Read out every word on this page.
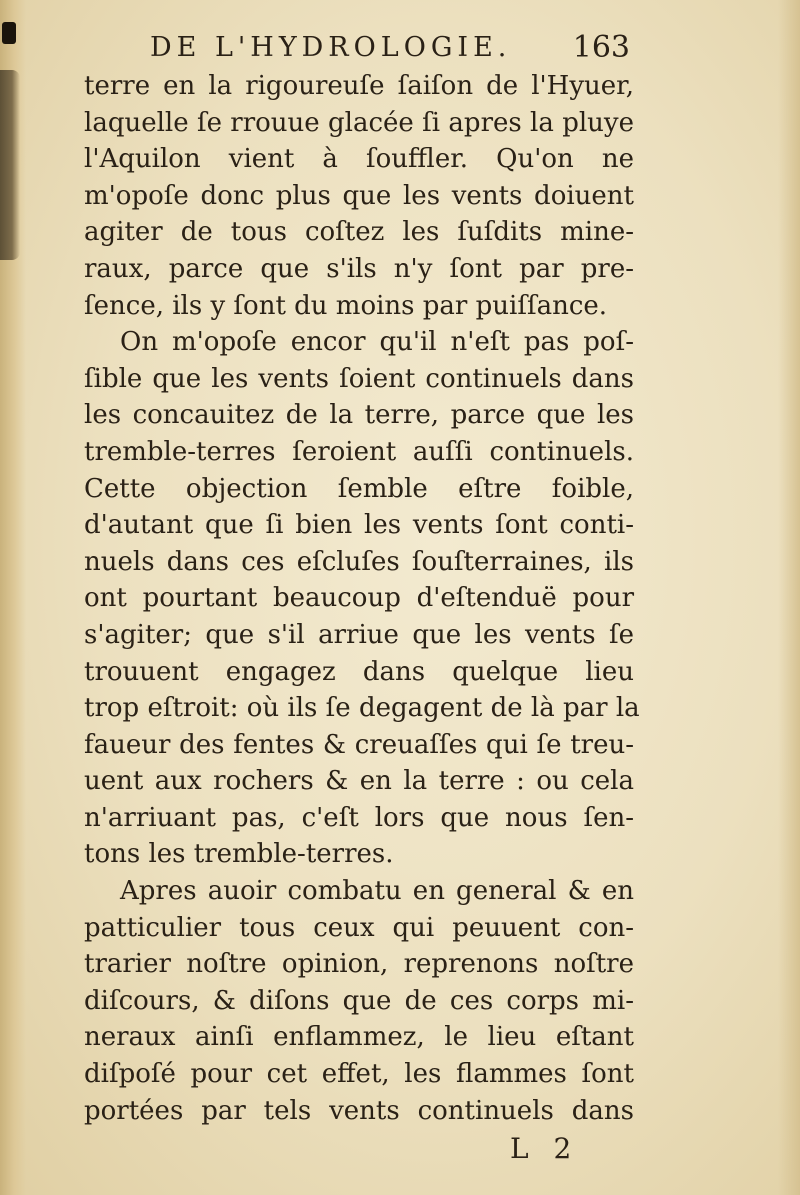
DE L'HYDROLOGIE. 163
terre en la rigoureuſe ſaiſon de l'Hyuer,
laquelle ſe rrouue glacée ſi apres la pluye
l'Aquilon vient à ſouffler. Qu'on ne
m'opoſe donc plus que les vents doiuent
agiter de tous coſtez les ſuſdits mine-
raux, parce que s'ils n'y ſont par pre-
ſence, ils y ſont du moins par puiſſance.
On m'opoſe encor qu'il n'eſt pas poſ-
ſible que les vents ſoient continuels dans
les concauitez de la terre, parce que les
tremble-terres ſeroient auſſi continuels.
Cette objection ſemble eſtre foible,
d'autant que ſi bien les vents ſont conti-
nuels dans ces eſcluſes ſouſterraines, ils
ont pourtant beaucoup d'eſtenduë pour
s'agiter; que s'il arriue que les vents ſe
trouuent engagez dans quelque lieu
trop eſtroit: où ils ſe degagent de là par la
faueur des fentes & creuaſſes qui ſe treu-
uent aux rochers & en la terre : ou cela
n'arriuant pas, c'eſt lors que nous ſen-
tons les tremble-terres.
Apres auoir combatu en general & en
patticulier tous ceux qui peuuent con-
trarier noſtre opinion, reprenons noſtre
diſcours, & diſons que de ces corps mi-
neraux ainſi enflammez, le lieu eſtant
diſpoſé pour cet effet, les flammes ſont
portées par tels vents continuels dans
L 2
